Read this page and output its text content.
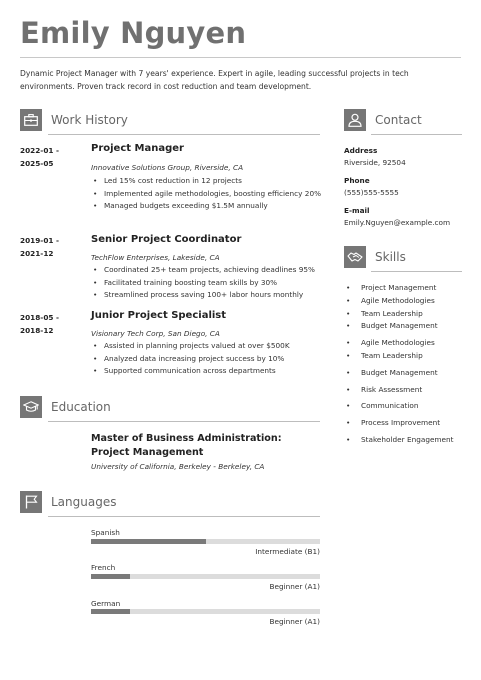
Emily Nguyen
Dynamic Project Manager with 7 years' experience. Expert in agile, leading successful projects in tech environments. Proven track record in cost reduction and team development.
Work History
2022-01 -
2025-05
Project Manager
Innovative Solutions Group, Riverside, CA
• Led 15% cost reduction in 12 projects
• Implemented agile methodologies, boosting efficiency 20%
• Managed budgets exceeding $1.5M annually
2019-01 -
2021-12
Senior Project Coordinator
TechFlow Enterprises, Lakeside, CA
• Coordinated 25+ team projects, achieving deadlines 95%
• Facilitated training boosting team skills by 30%
• Streamlined process saving 100+ labor hours monthly
2018-05 -
2018-12
Junior Project Specialist
Visionary Tech Corp, San Diego, CA
• Assisted in planning projects valued at over $500K
• Analyzed data increasing project success by 10%
• Supported communication across departments
Education
Master of Business Administration: Project Management
University of California, Berkeley - Berkeley, CA
Languages
Spanish
Intermediate (B1)
French
Beginner (A1)
German
Beginner (A1)
Contact
Address
Riverside, 92504
Phone
(555)555-5555
E-mail
Emily.Nguyen@example.com
Skills
• Project Management
• Agile Methodologies
• Team Leadership
• Budget Management
• Agile Methodologies
• Team Leadership
• Budget Management
• Risk Assessment
• Communication
• Process Improvement
• Stakeholder Engagement
